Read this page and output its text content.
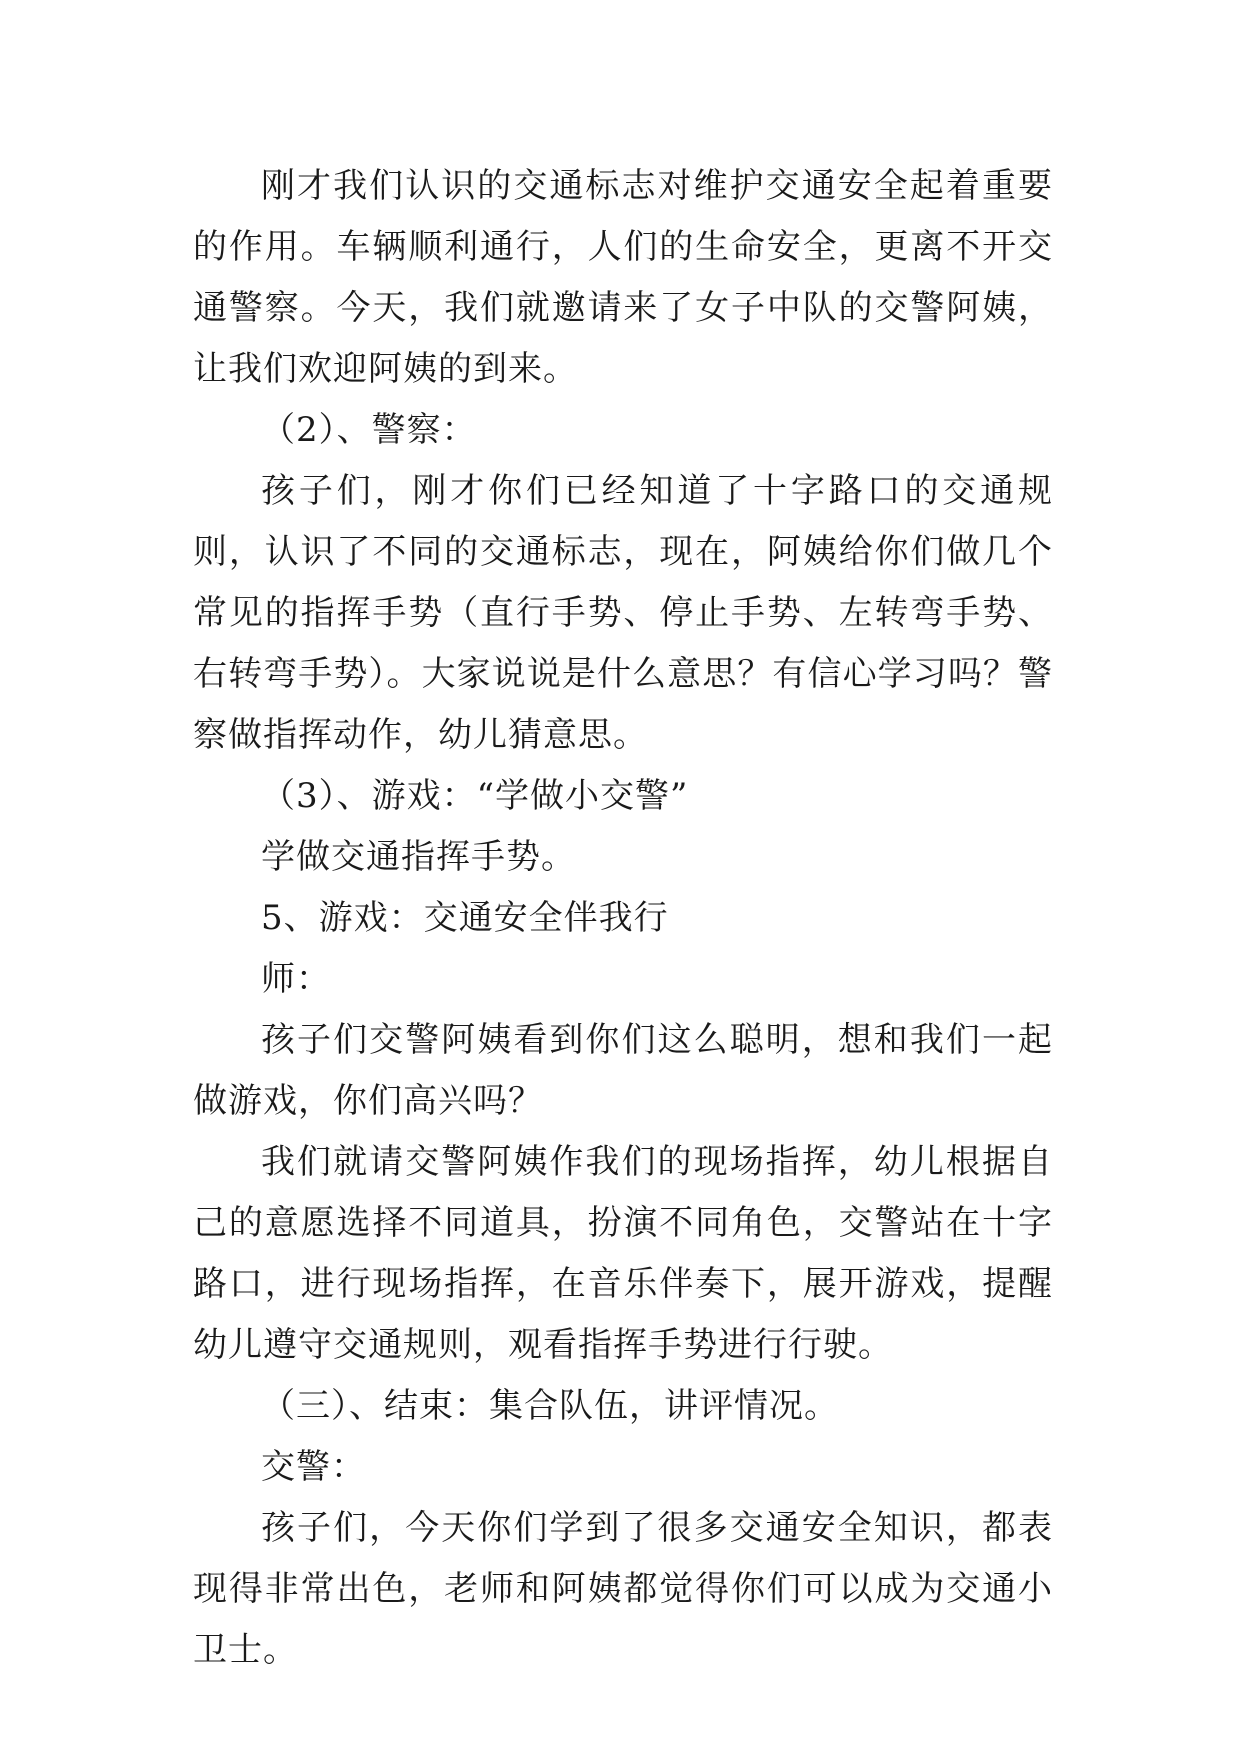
刚才我们认识的交通标志对维护交通安全起着重要的作用。车辆顺利通行，人们的生命安全，更离不开交通警察。今天，我们就邀请来了女子中队的交警阿姨，让我们欢迎阿姨的到来。

（2）、警察：

孩子们，刚才你们已经知道了十字路口的交通规则，认识了不同的交通标志，现在，阿姨给你们做几个常见的指挥手势（直行手势、停止手势、左转弯手势、右转弯手势）。大家说说是什么意思？有信心学习吗？警察做指挥动作，幼儿猜意思。

（3）、游戏：“学做小交警”

学做交通指挥手势。

5、游戏：交通安全伴我行

师：

孩子们交警阿姨看到你们这么聪明，想和我们一起做游戏，你们高兴吗？

我们就请交警阿姨作我们的现场指挥，幼儿根据自己的意愿选择不同道具，扮演不同角色，交警站在十字路口，进行现场指挥，在音乐伴奏下，展开游戏，提醒幼儿遵守交通规则，观看指挥手势进行行驶。

（三）、结束：集合队伍，讲评情况。

交警：

孩子们，今天你们学到了很多交通安全知识，都表现得非常出色，老师和阿姨都觉得你们可以成为交通小卫士。
